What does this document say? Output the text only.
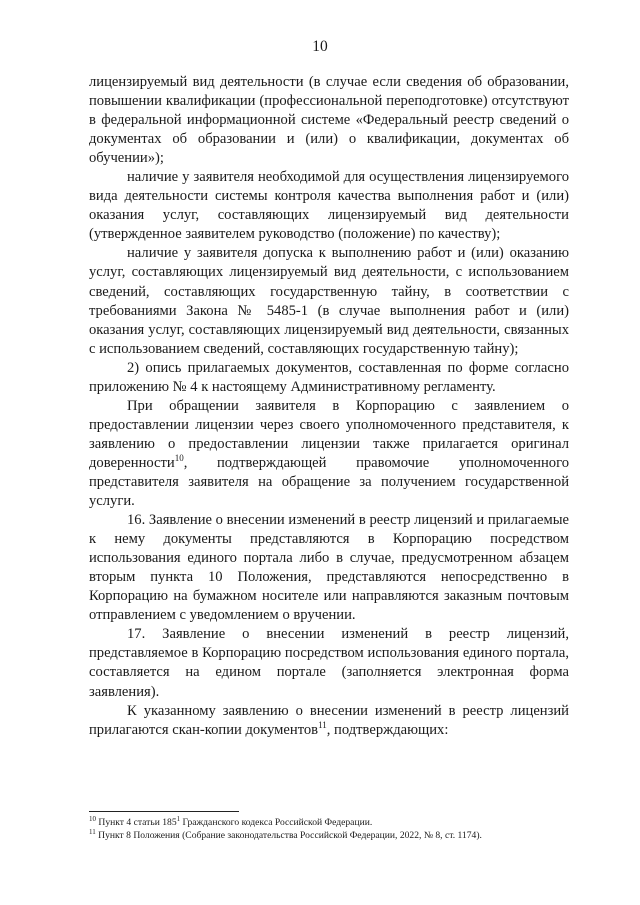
10

лицензируемый вид деятельности (в случае если сведения об образовании, повышении квалификации (профессиональной переподготовке) отсутствуют в федеральной информационной системе «Федеральный реестр сведений о документах об образовании и (или) о квалификации, документах об обучении»);

наличие у заявителя необходимой для осуществления лицензируемого вида деятельности системы контроля качества выполнения работ и (или) оказания услуг, составляющих лицензируемый вид деятельности (утвержденное заявителем руководство (положение) по качеству);

наличие у заявителя допуска к выполнению работ и (или) оказанию услуг, составляющих лицензируемый вид деятельности, с использованием сведений, составляющих государственную тайну, в соответствии с требованиями Закона № 5485-1 (в случае выполнения работ и (или) оказания услуг, составляющих лицензируемый вид деятельности, связанных с использованием сведений, составляющих государственную тайну);

2) опись прилагаемых документов, составленная по форме согласно приложению № 4 к настоящему Административному регламенту.

При обращении заявителя в Корпорацию с заявлением о предоставлении лицензии через своего уполномоченного представителя, к заявлению о предоставлении лицензии также прилагается оригинал доверенности$^{10}$, подтверждающей правомочие уполномоченного представителя заявителя на обращение за получением государственной услуги.

16. Заявление о внесении изменений в реестр лицензий и прилагаемые к нему документы представляются в Корпорацию посредством использования единого портала либо в случае, предусмотренном абзацем вторым пункта 10 Положения, представляются непосредственно в Корпорацию на бумажном носителе или направляются заказным почтовым отправлением с уведомлением о вручении.

17. Заявление о внесении изменений в реестр лицензий, представляемое в Корпорацию посредством использования единого портала, составляется на едином портале (заполняется электронная форма заявления).

К указанному заявлению о внесении изменений в реестр лицензий прилагаются скан-копии документов$^{11}$, подтверждающих:

$^{10}$ Пункт 4 статьи 185$^1$ Гражданского кодекса Российской Федерации.

$^{11}$ Пункт 8 Положения (Собрание законодательства Российской Федерации, 2022, № 8, ст. 1174).
